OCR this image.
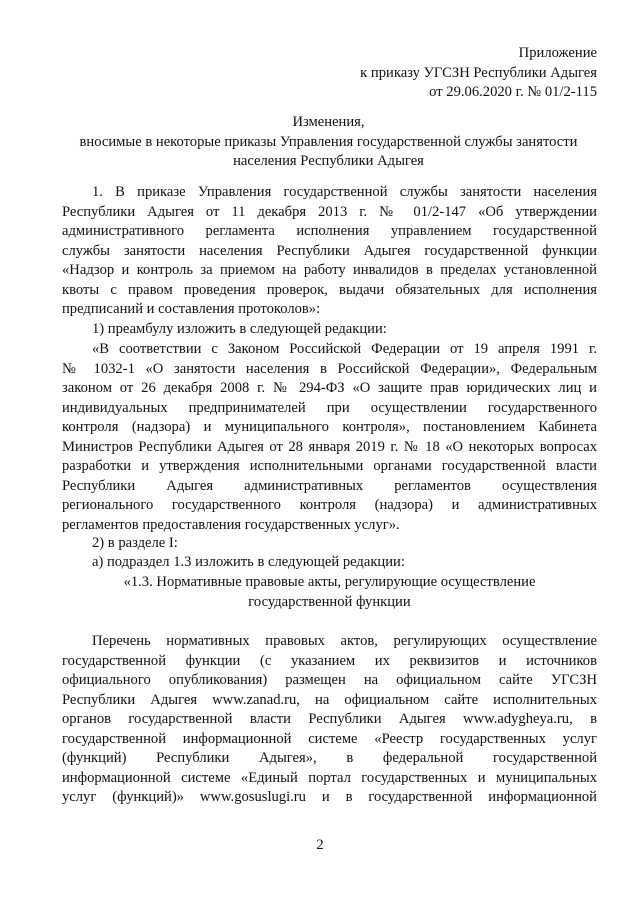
Приложение
к приказу УГСЗН Республики Адыгея
от 29.06.2020 г. № 01/2-115
Изменения,
вносимые в некоторые приказы Управления государственной службы занятости
населения Республики Адыгея
1. В приказе Управления государственной службы занятости населения
Республики Адыгея от 11 декабря 2013 г. № 01/2-147 «Об утверждении
административного регламента исполнения управлением государственной
службы занятости населения Республики Адыгея государственной функции
«Надзор и контроль за приемом на работу инвалидов в пределах установленной
квоты с правом проведения проверок, выдачи обязательных для исполнения
предписаний и составления протоколов»:
1) преамбулу изложить в следующей редакции:
«В соответствии с Законом Российской Федерации от 19 апреля 1991 г.
№ 1032-1 «О занятости населения в Российской Федерации», Федеральным
законом от 26 декабря 2008 г. № 294-ФЗ «О защите прав юридических лиц и
индивидуальных предпринимателей при осуществлении государственного
контроля (надзора) и муниципального контроля», постановлением Кабинета
Министров Республики Адыгея от 28 января 2019 г. № 18 «О некоторых вопросах
разработки и утверждения исполнительными органами государственной власти
Республики Адыгея административных регламентов осуществления
регионального государственного контроля (надзора) и административных
регламентов предоставления государственных услуг».
2) в разделе I:
а) подраздел 1.3 изложить в следующей редакции:
«1.3. Нормативные правовые акты, регулирующие осуществление
государственной функции
Перечень нормативных правовых актов, регулирующих осуществление
государственной функции (с указанием их реквизитов и источников
официального опубликования) размещен на официальном сайте УГСЗН
Республики Адыгея www.zanad.ru, на официальном сайте исполнительных
органов государственной власти Республики Адыгея www.adygheya.ru, в
государственной информационной системе «Реестр государственных услуг
(функций) Республики Адыгея», в федеральной государственной
информационной системе «Единый портал государственных и муниципальных
услуг (функций)» www.gosuslugi.ru и в государственной информационной
2
